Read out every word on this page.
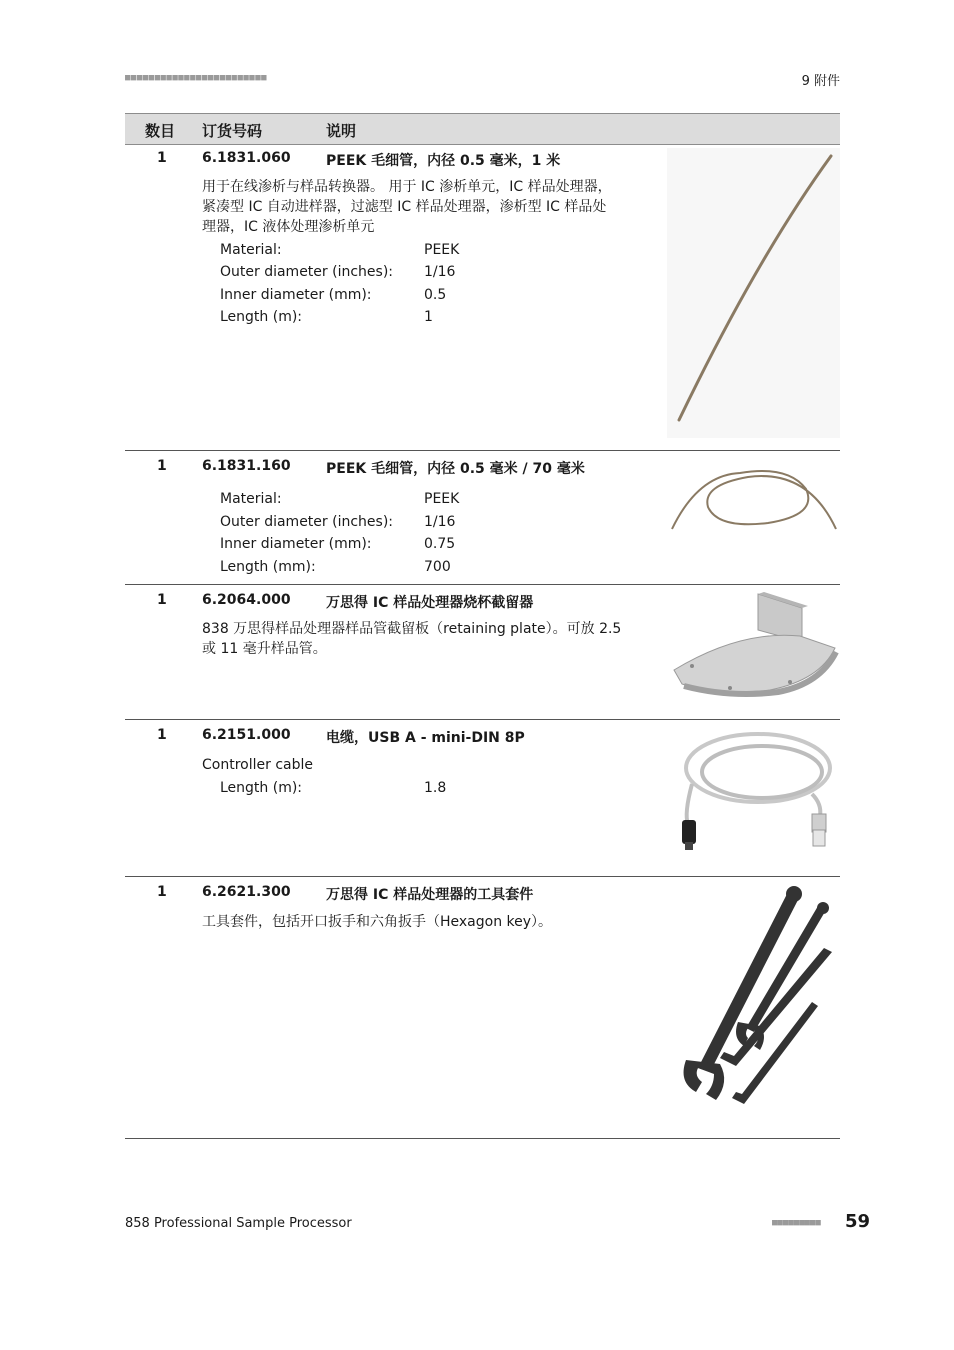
■■■■■■■■■■■■■■■■■■■■■■■■	9 附件
数目 订货号码	说明
1	6.1831.060	PEEK 毛细管，内径 0.5 毫米，1 米
用于在线渗析与样品转换器。 用于 IC 渗析单元，IC 样品处理器，
紧凑型 IC 自动进样器，过滤型 IC 样品处理器，渗析型 IC 样品处
理器，IC 液体处理渗析单元
Material:	PEEK
Outer diameter (inches): 1/16
Inner diameter (mm):	0.5
Length (m):	1
1	6.1831.160	PEEK 毛细管，内径 0.5 毫米 / 70 毫米
Material:	PEEK
Outer diameter (inches): 1/16
Inner diameter (mm):	0.75
Length (mm):	700
1	6.2064.000	万思得 IC 样品处理器烧杯截留器
838 万思得样品处理器样品管截留板（retaining plate）。可放 2.5
或 11 毫升样品管。
1	6.2151.000	电缆，USB A - mini-DIN 8P
Controller cable
Length (m):	1.8
1	6.2621.300	万思得 IC 样品处理器的工具套件
工具套件，包括开口扳手和六角扳手（Hexagon key）。
858 Professional Sample Processor	■■■■■■■■■ 59
